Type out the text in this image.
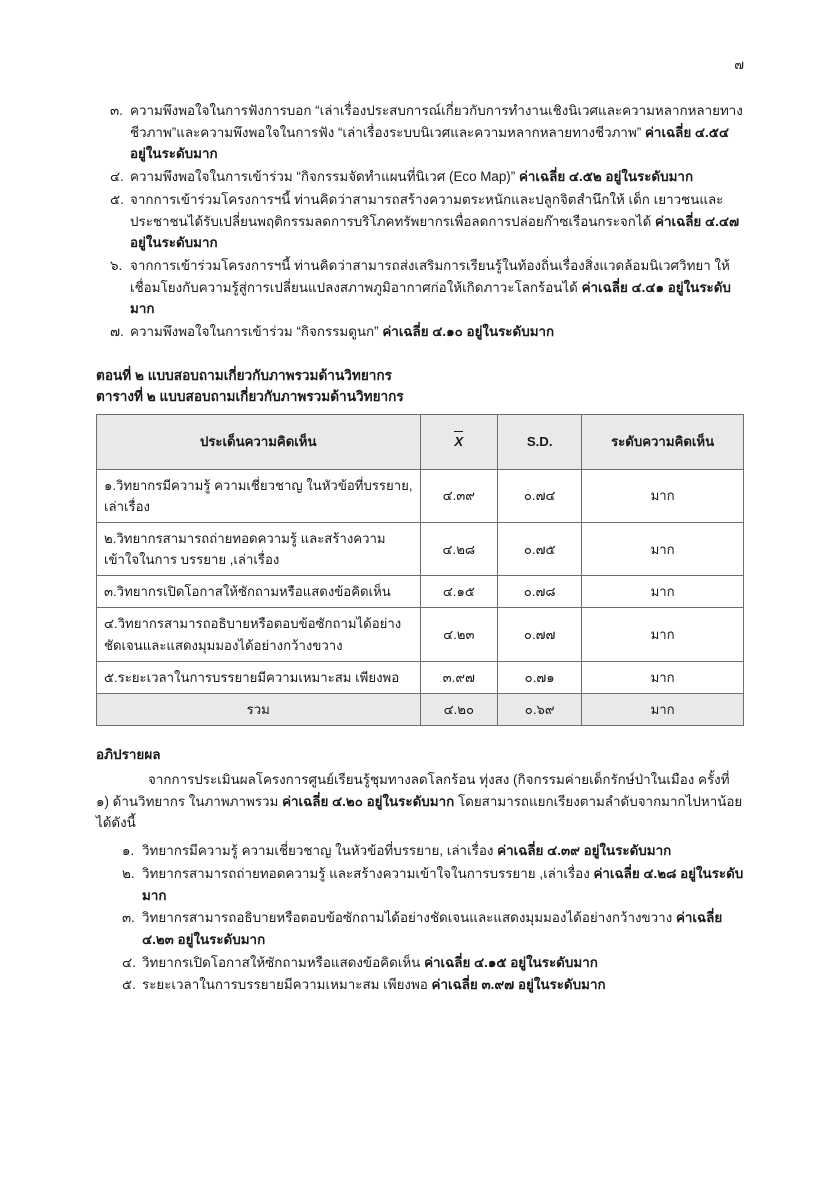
๗
๓. ความพึงพอใจในการฟังการบอก “เล่าเรื่องประสบการณ์เกี่ยวกับการทำงานเชิงนิเวศและความหลากหลายทางชีวภาพ”และความพึงพอใจในการฟัง “เล่าเรื่องระบบนิเวศและความหลากหลายทางชีวภาพ” ค่าเฉลี่ย ๔.๕๔ อยู่ในระดับมาก
๔. ความพึงพอใจในการเข้าร่วม “กิจกรรมจัดทำแผนที่นิเวศ (Eco Map)” ค่าเฉลี่ย ๔.๕๒ อยู่ในระดับมาก
๕. จากการเข้าร่วมโครงการฯนี้ ท่านคิดว่าสามารถสร้างความตระหนักและปลูกจิตสำนึกให้ เด็ก เยาวชนและประชาชนได้รับเปลี่ยนพฤติกรรมลดการบริโภคทรัพยากรเพื่อลดการปล่อยก๊าซเรือนกระจกได้ ค่าเฉลี่ย ๔.๔๗ อยู่ในระดับมาก
๖. จากการเข้าร่วมโครงการฯนี้ ท่านคิดว่าสามารถส่งเสริมการเรียนรู้ในท้องถิ่นเรื่องสิ่งแวดล้อมนิเวศวิทยา ให้เชื่อมโยงกับความรู้สู่การเปลี่ยนแปลงสภาพภูมิอากาศก่อให้เกิดภาวะโลกร้อนได้ ค่าเฉลี่ย ๔.๔๑ อยู่ในระดับมาก
๗. ความพึงพอใจในการเข้าร่วม “กิจกรรมดูนก” ค่าเฉลี่ย ๔.๑๐ อยู่ในระดับมาก
ตอนที่ ๒ แบบสอบถามเกี่ยวกับภาพรวมด้านวิทยากร
ตารางที่ ๒ แบบสอบถามเกี่ยวกับภาพรวมด้านวิทยากร
ประเด็นความคิดเห็น	X	S.D.	ระดับความคิดเห็น
๑.วิทยากรมีความรู้ ความเชี่ยวชาญ ในหัวข้อที่บรรยาย, เล่าเรื่อง	๔.๓๙	๐.๗๔	มาก
๒.วิทยากรสามารถถ่ายทอดความรู้ และสร้างความเข้าใจในการ บรรยาย ,เล่าเรื่อง	๔.๒๘	๐.๗๕	มาก
๓.วิทยากรเปิดโอกาสให้ซักถามหรือแสดงข้อคิดเห็น	๔.๑๕	๐.๗๘	มาก
๔.วิทยากรสามารถอธิบายหรือตอบข้อซักถามได้อย่างชัดเจนและแสดงมุมมองได้อย่างกว้างขวาง	๔.๒๓	๐.๗๗	มาก
๕.ระยะเวลาในการบรรยายมีความเหมาะสม เพียงพอ	๓.๙๗	๐.๗๑	มาก
รวม	๔.๒๐	๐.๖๙	มาก
อภิปรายผล
จากการประเมินผลโครงการศูนย์เรียนรู้ชุมทางลดโลกร้อน ทุ่งสง (กิจกรรมค่ายเด็กรักษ์ป่าในเมือง ครั้งที่ ๑) ด้านวิทยากร ในภาพภาพรวม ค่าเฉลี่ย ๔.๒๐ อยู่ในระดับมาก โดยสามารถแยกเรียงตามลำดับจากมากไปหาน้อย ได้ดังนี้
๑. วิทยากรมีความรู้ ความเชี่ยวชาญ ในหัวข้อที่บรรยาย, เล่าเรื่อง ค่าเฉลี่ย ๔.๓๙ อยู่ในระดับมาก
๒. วิทยากรสามารถถ่ายทอดความรู้ และสร้างความเข้าใจในการบรรยาย ,เล่าเรื่อง ค่าเฉลี่ย ๔.๒๘ อยู่ในระดับมาก
๓. วิทยากรสามารถอธิบายหรือตอบข้อซักถามได้อย่างชัดเจนและแสดงมุมมองได้อย่างกว้างขวาง ค่าเฉลี่ย ๔.๒๓ อยู่ในระดับมาก
๔. วิทยากรเปิดโอกาสให้ซักถามหรือแสดงข้อคิดเห็น ค่าเฉลี่ย ๔.๑๕ อยู่ในระดับมาก
๕. ระยะเวลาในการบรรยายมีความเหมาะสม เพียงพอ ค่าเฉลี่ย ๓.๙๗ อยู่ในระดับมาก
